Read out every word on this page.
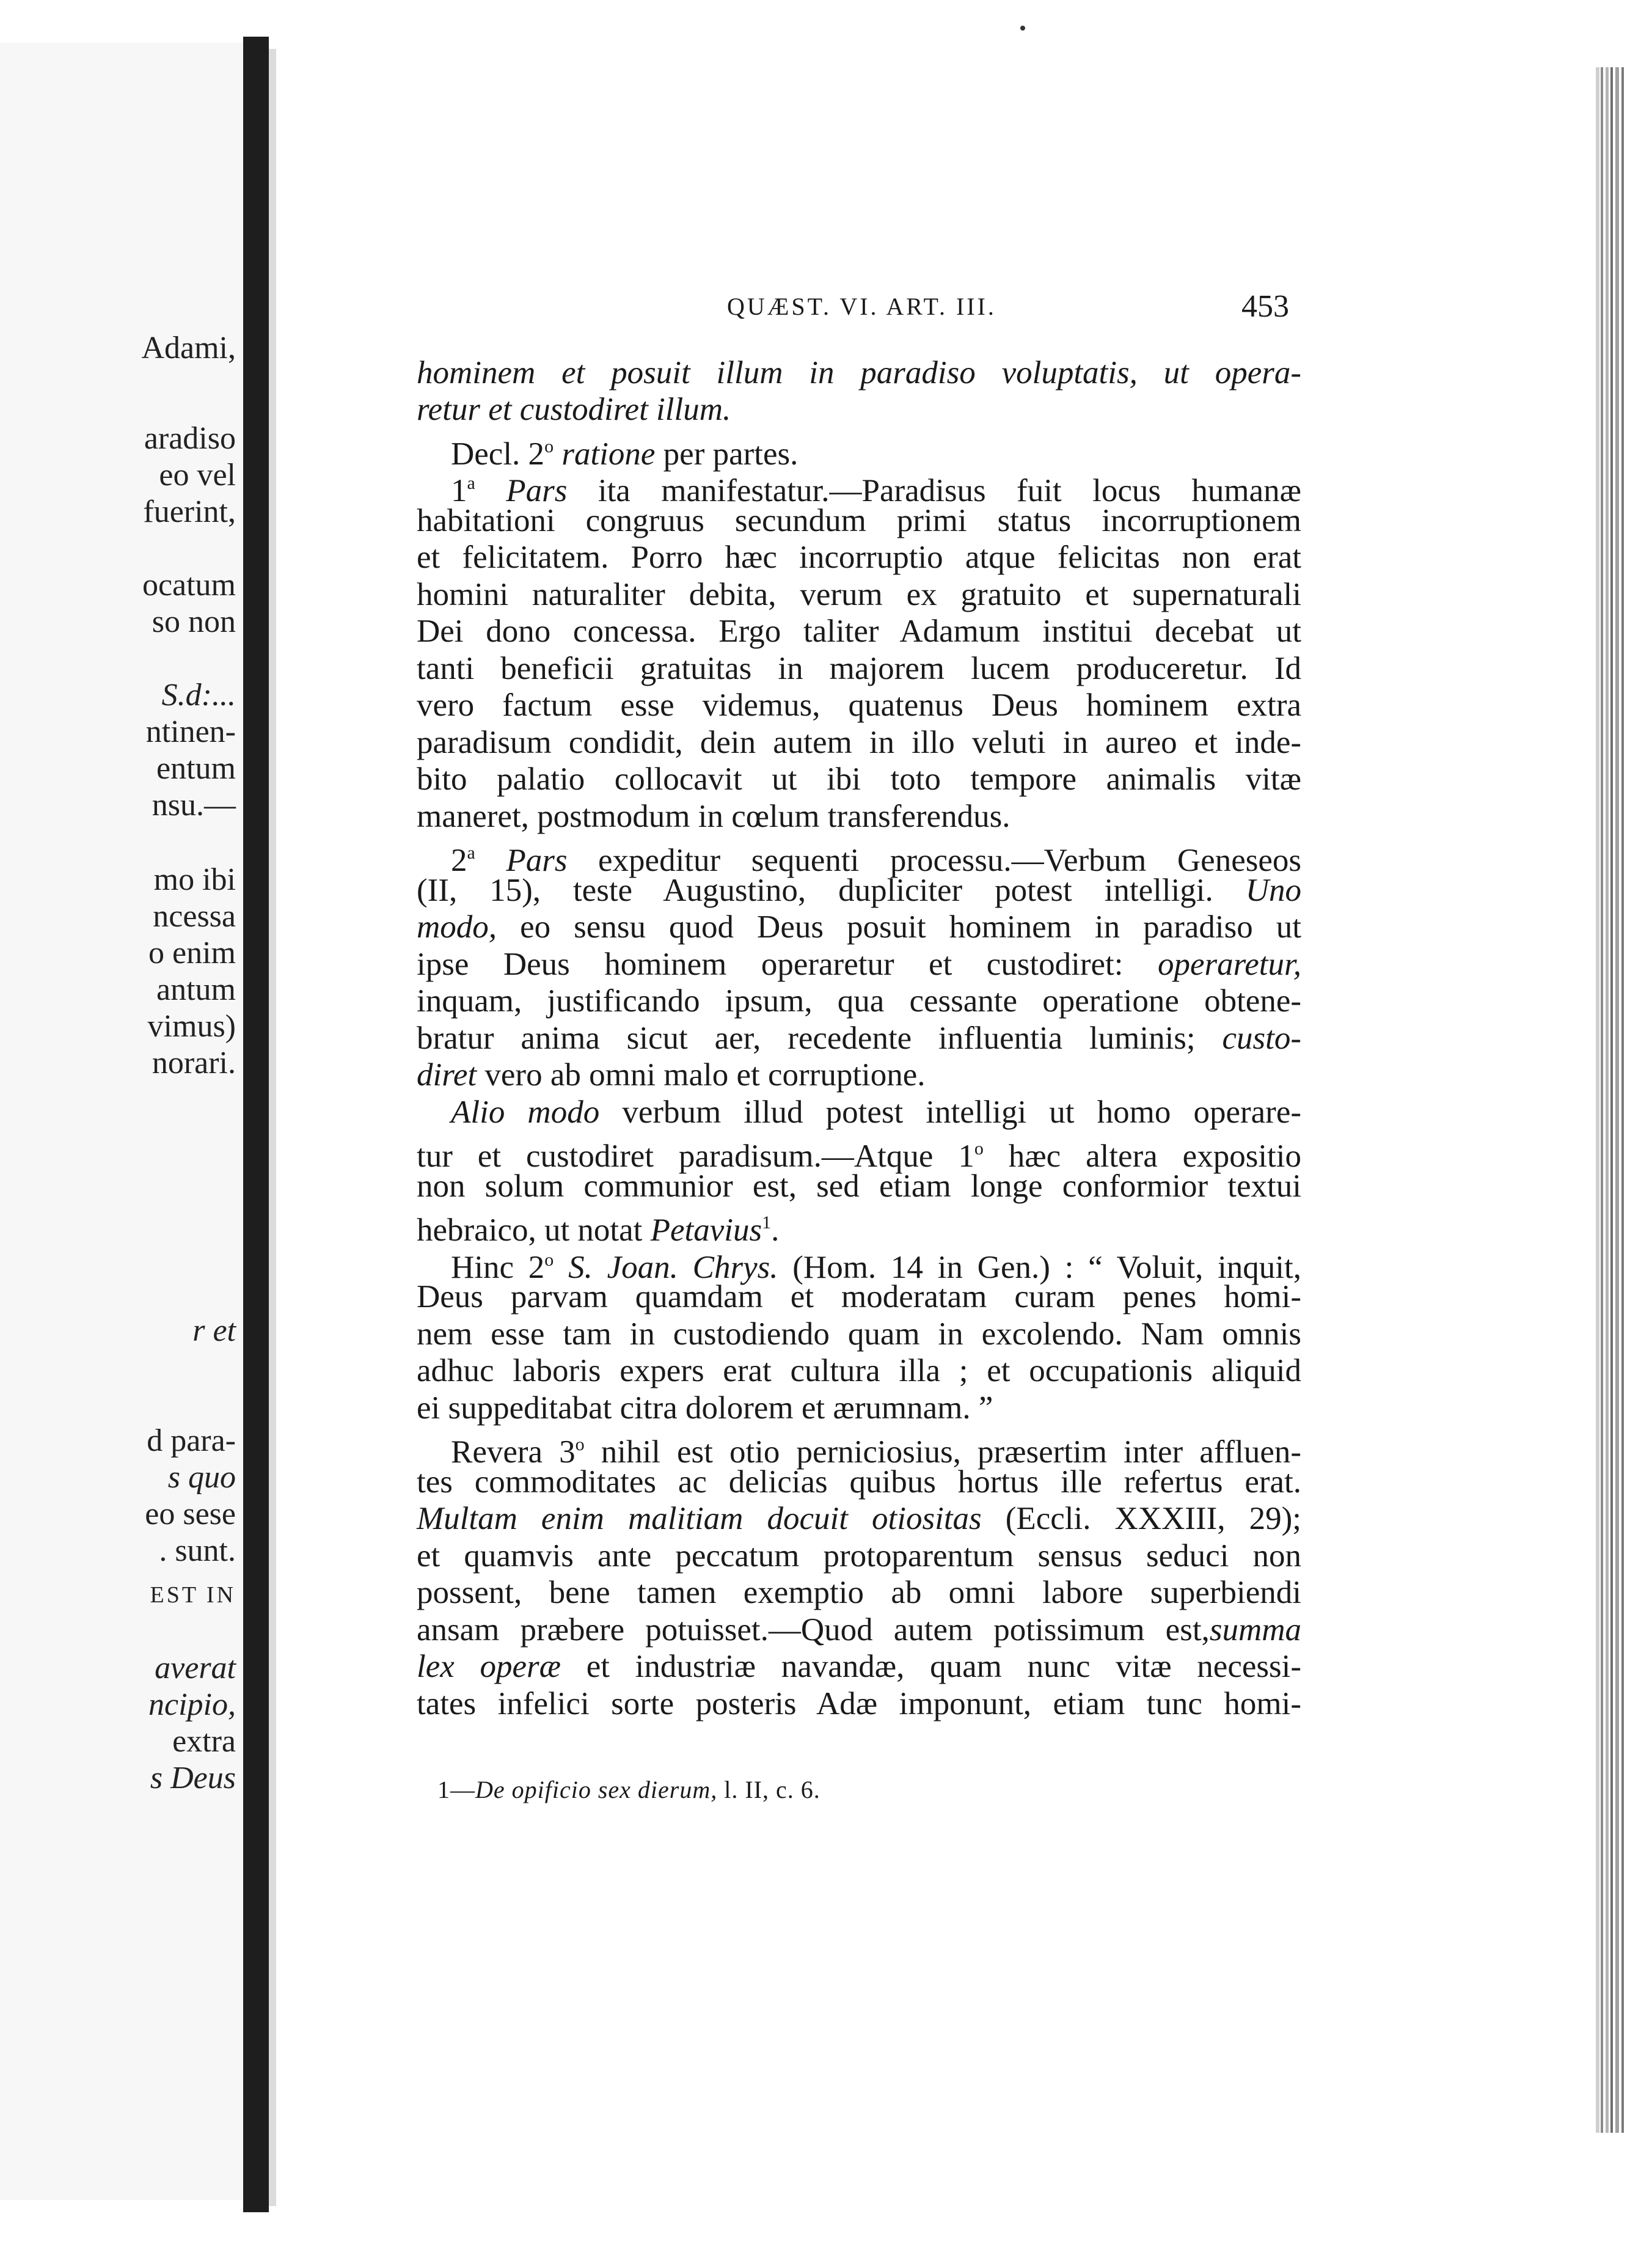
Adami,
aradiso
eo vel
fuerint,
ocatum
so non
S.d:...
ntinen-
entum
nsu.—
mo ibi
ncessa
o enim
antum
vimus)
norari.
r et
d para-
s quo
eo sese
. sunt.
EST IN
averat
ncipio,
extra
s Deus
QUÆST. VI. ART. III.	453
hominem et posuit illum in paradiso voluptatis, ut opera-
retur et custodiret illum.
Decl. 2$^o$ ratione per partes.
1$^a$ Pars ita manifestatur.—Paradisus fuit locus humanæ
habitationi congruus secundum primi status incorruptionem
et felicitatem. Porro hæc incorruptio atque felicitas non erat
homini naturaliter debita, verum ex gratuito et supernaturali
Dei dono concessa. Ergo taliter Adamum institui decebat ut
tanti beneficii gratuitas in majorem lucem produceretur. Id
vero factum esse videmus, quatenus Deus hominem extra
paradisum condidit, dein autem in illo veluti in aureo et inde-
bito palatio collocavit ut ibi toto tempore animalis vitæ
maneret, postmodum in cœlum transferendus.
2$^a$ Pars expeditur sequenti processu.—Verbum Geneseos
(II, 15), teste Augustino, dupliciter potest intelligi. Uno
modo, eo sensu quod Deus posuit hominem in paradiso ut
ipse Deus hominem operaretur et custodiret: operaretur,
inquam, justificando ipsum, qua cessante operatione obtene-
bratur anima sicut aer, recedente influentia luminis; custo-
diret vero ab omni malo et corruptione.
Alio modo verbum illud potest intelligi ut homo operare-
tur et custodiret paradisum.—Atque 1$^o$ hæc altera expositio
non solum communior est, sed etiam longe conformior textui
hebraico, ut notat Petavius$^1$.
Hinc 2$^o$ S. Joan. Chrys. (Hom. 14 in Gen.) : “ Voluit, inquit,
Deus parvam quamdam et moderatam curam penes homi-
nem esse tam in custodiendo quam in excolendo. Nam omnis
adhuc laboris expers erat cultura illa ; et occupationis aliquid
ei suppeditabat citra dolorem et ærumnam. ”
Revera 3$^o$ nihil est otio perniciosius, præsertim inter affluen-
tes commoditates ac delicias quibus hortus ille refertus erat.
Multam enim malitiam docuit otiositas (Eccli. XXXIII, 29);
et quamvis ante peccatum protoparentum sensus seduci non
possent, bene tamen exemptio ab omni labore superbiendi
ansam præbere potuisset.—Quod autem potissimum est,summa
lex operæ et industriæ navandæ, quam nunc vitæ necessi-
tates infelici sorte posteris Adæ imponunt, etiam tunc homi-
1—De opificio sex dierum, l. II, c. 6.
